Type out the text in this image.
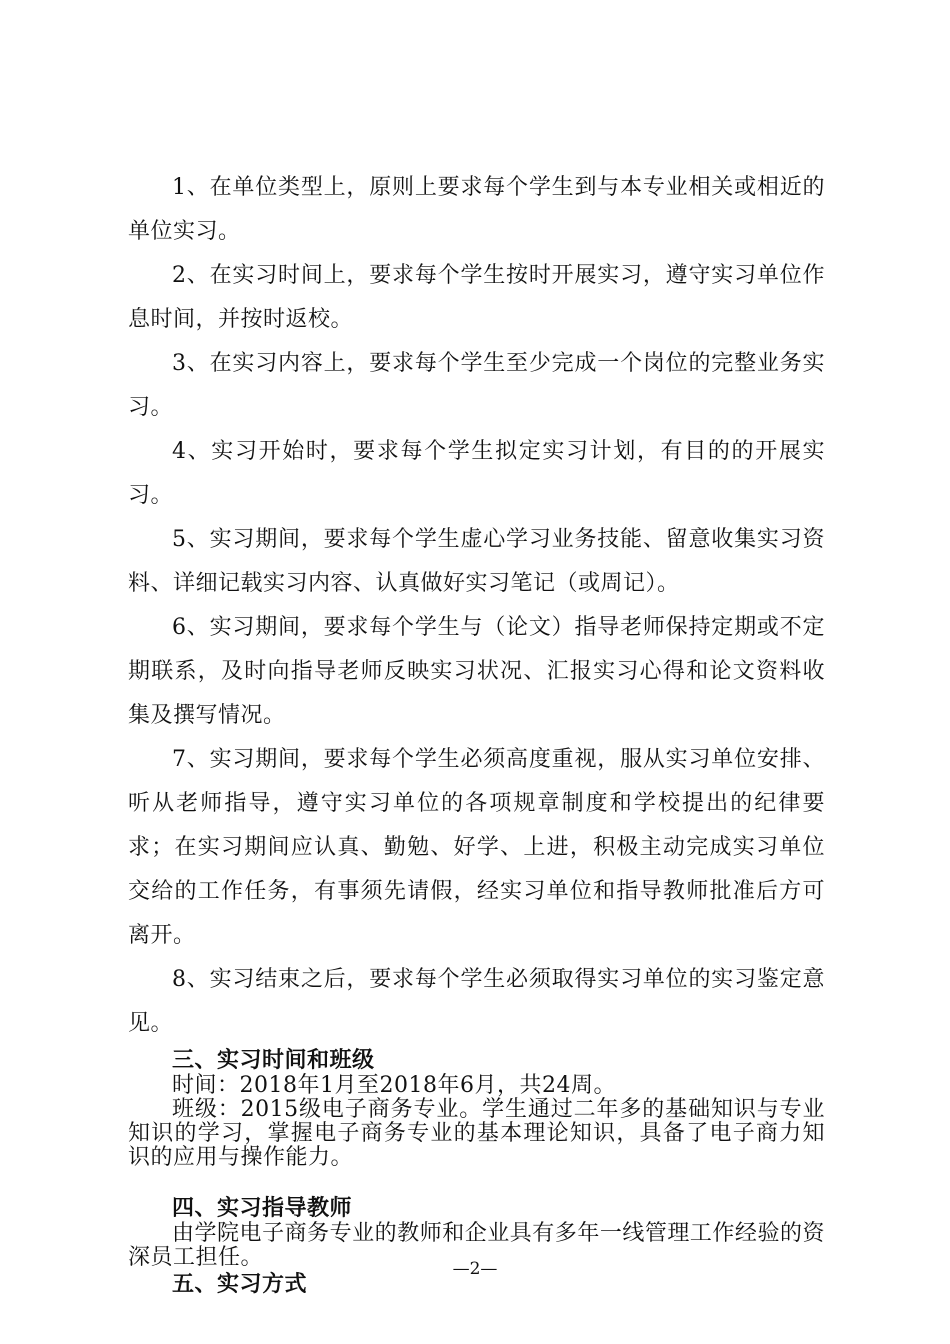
1、在单位类型上，原则上要求每个学生到与本专业相关或相近的单位实习。

2、在实习时间上，要求每个学生按时开展实习，遵守实习单位作息时间，并按时返校。

3、在实习内容上，要求每个学生至少完成一个岗位的完整业务实习。

4、实习开始时，要求每个学生拟定实习计划，有目的的开展实习。

5、实习期间，要求每个学生虚心学习业务技能、留意收集实习资料、详细记载实习内容、认真做好实习笔记（或周记）。

6、实习期间，要求每个学生与（论文）指导老师保持定期或不定期联系，及时向指导老师反映实习状况、汇报实习心得和论文资料收集及撰写情况。

7、实习期间，要求每个学生必须高度重视，服从实习单位安排、听从老师指导，遵守实习单位的各项规章制度和学校提出的纪律要求；在实习期间应认真、勤勉、好学、上进，积极主动完成实习单位交给的工作任务，有事须先请假，经实习单位和指导教师批准后方可离开。

8、实习结束之后，要求每个学生必须取得实习单位的实习鉴定意见。

三、实习时间和班级

时间：2018年1月至2018年6月，共24周。

班级：2015级电子商务专业。学生通过二年多的基础知识与专业知识的学习，掌握电子商务专业的基本理论知识，具备了电子商力知识的应用与操作能力。

四、实习指导教师

由学院电子商务专业的教师和企业具有多年一线管理工作经验的资深员工担任。

五、实习方式
—2—
